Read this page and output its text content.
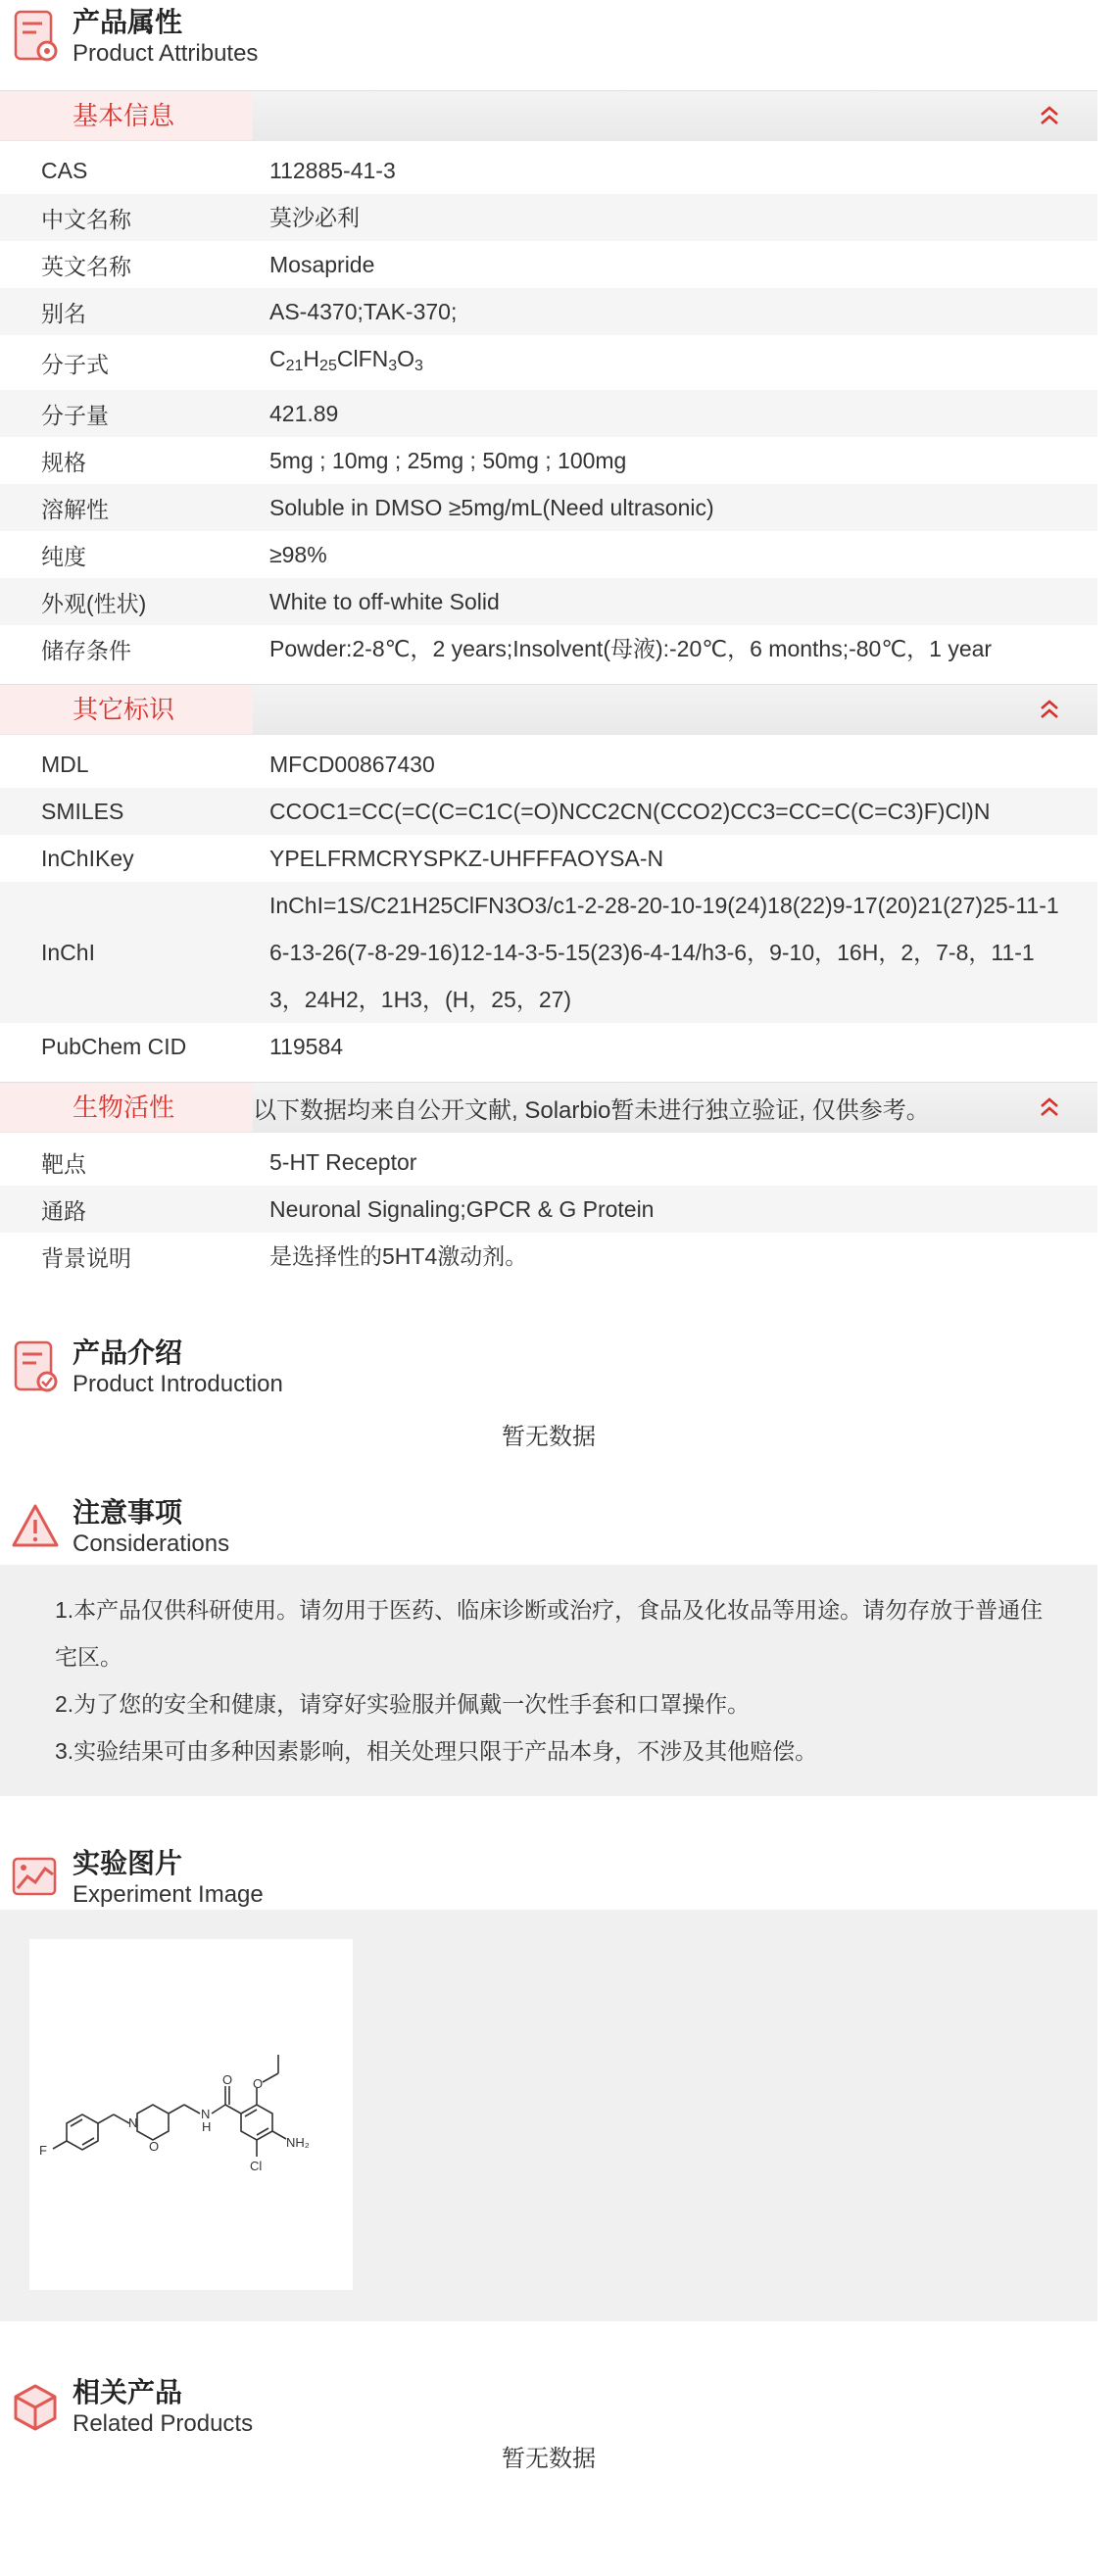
产品属性
Product Attributes
基本信息
CAS	112885-41-3
中文名称	莫沙必利
英文名称	Mosapride
别名	AS-4370;TAK-370;
分子式	$C_{21}H_{25}ClFN_3O_3$
分子量	421.89
规格	5mg ; 10mg ; 25mg ; 50mg ; 100mg
溶解性	Soluble in DMSO ≥5mg/mL(Need ultrasonic)
纯度	≥98%
外观(性状)	White to off-white Solid
储存条件	Powder:2-8℃，2 years;Insolvent(母液):-20℃，6 months;-80℃，1 year
其它标识
MDL	MFCD00867430
SMILES	CCOC1=CC(=C(C=C1C(=O)NCC2CN(CCO2)CC3=CC=C(C=C3)F)Cl)N
InChIKey	YPELFRMCRYSPKZ-UHFFFAOYSA-N
InChI
InChI=1S/C21H25ClFN3O3/c1-2-28-20-10-19(24)18(22)9-17(20)21(27)25-11-16-13-26(7-8-29-16)12-14-3-5-15(23)6-4-14/h3-6，9-10，16H，2，7-8，11-13，24H2，1H3，(H，25，27)
PubChem CID	119584
生物活性	以下数据均来自公开文献, Solarbio暂未进行独立验证, 仅供参考。
靶点	5-HT Receptor
通路	Neuronal Signaling;GPCR & G Protein
背景说明	是选择性的5HT4激动剂。
产品介绍
Product Introduction
暂无数据
注意事项
Considerations
1.本产品仅供科研使用。请勿用于医药、临床诊断或治疗，食品及化妆品等用途。请勿存放于普通住宅区。
2.为了您的安全和健康，请穿好实验服并佩戴一次性手套和口罩操作。
3.实验结果可由多种因素影响，相关处理只限于产品本身，不涉及其他赔偿。
实验图片
Experiment Image
F
N
O
O
N
H
O
Cl
NH₂
相关产品
Related Products
暂无数据
